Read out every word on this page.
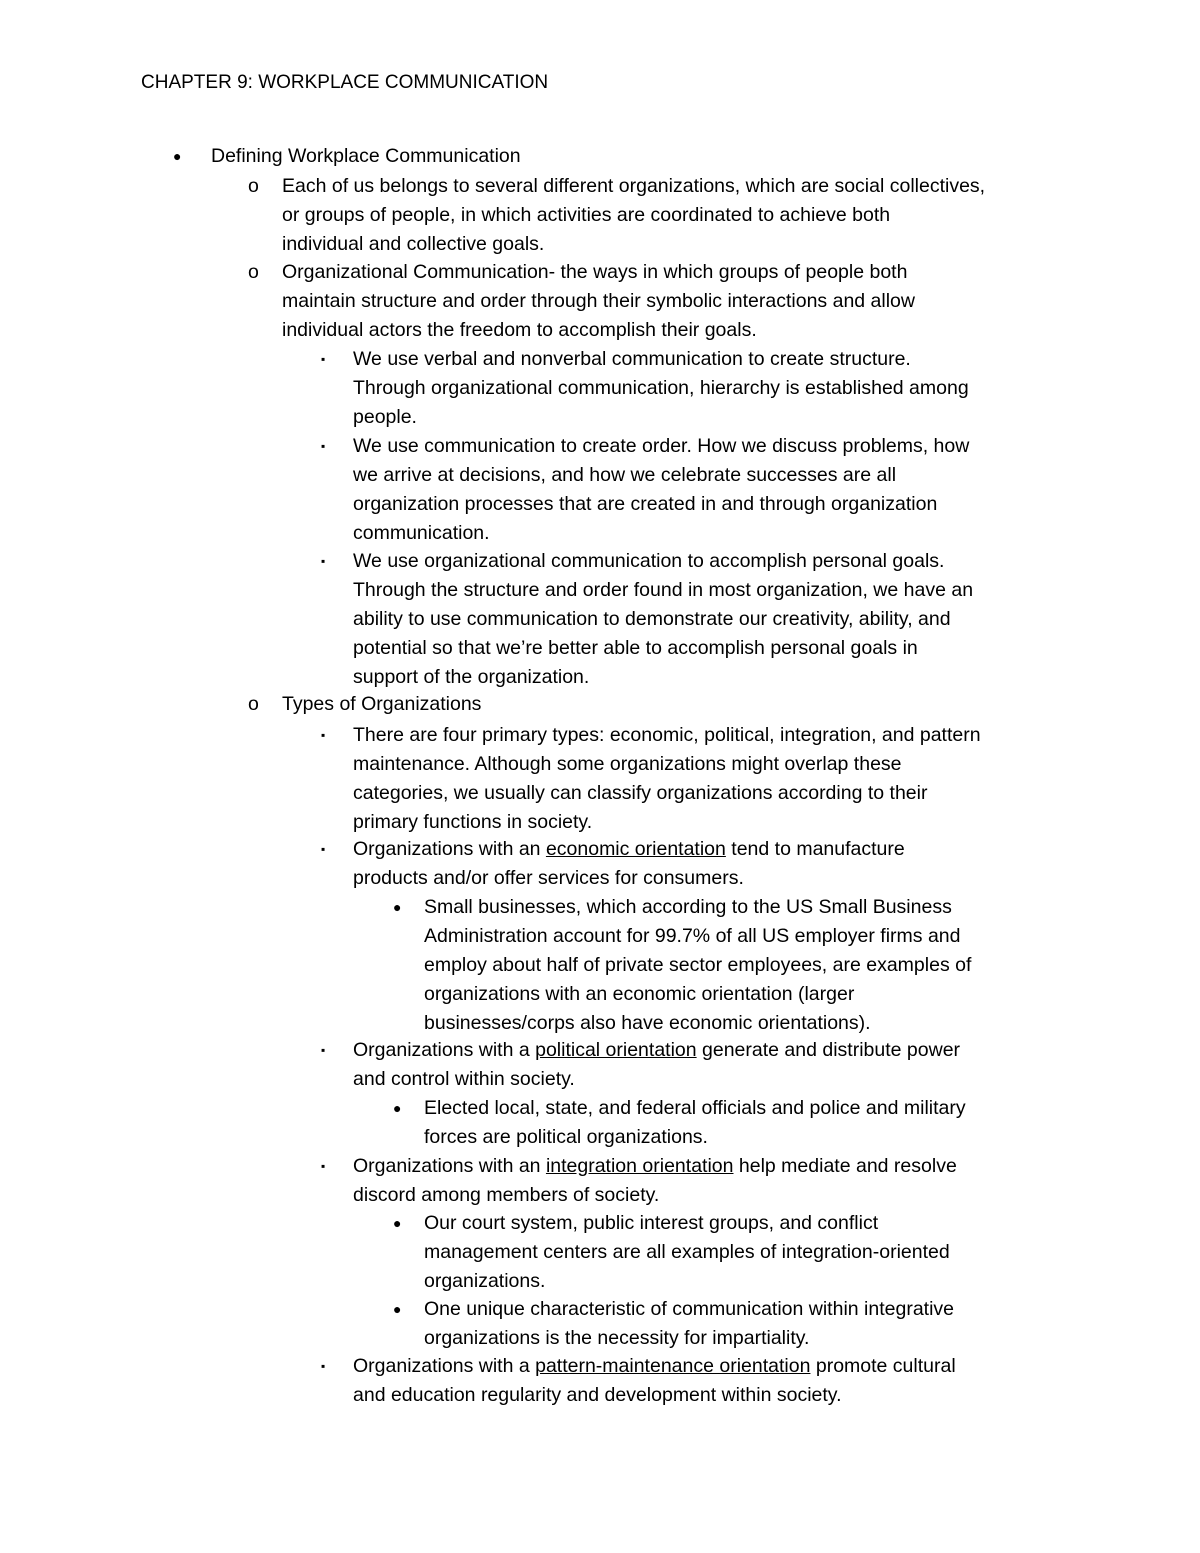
CHAPTER 9: WORKPLACE COMMUNICATION
● Defining Workplace Communication
o Each of us belongs to several different organizations, which are social collectives,
or groups of people, in which activities are coordinated to achieve both
individual and collective goals.
o Organizational Communication- the ways in which groups of people both
maintain structure and order through their symbolic interactions and allow
individual actors the freedom to accomplish their goals.
▪ We use verbal and nonverbal communication to create structure.
Through organizational communication, hierarchy is established among
people.
▪ We use communication to create order. How we discuss problems, how
we arrive at decisions, and how we celebrate successes are all
organization processes that are created in and through organization
communication.
▪ We use organizational communication to accomplish personal goals.
Through the structure and order found in most organization, we have an
ability to use communication to demonstrate our creativity, ability, and
potential so that we’re better able to accomplish personal goals in
support of the organization.
o Types of Organizations
▪ There are four primary types: economic, political, integration, and pattern
maintenance. Although some organizations might overlap these
categories, we usually can classify organizations according to their
primary functions in society.
▪ Organizations with an economic orientation tend to manufacture
products and/or offer services for consumers.
● Small businesses, which according to the US Small Business
Administration account for 99.7% of all US employer firms and
employ about half of private sector employees, are examples of
organizations with an economic orientation (larger
businesses/corps also have economic orientations).
▪ Organizations with a political orientation generate and distribute power
and control within society.
● Elected local, state, and federal officials and police and military
forces are political organizations.
▪ Organizations with an integration orientation help mediate and resolve
discord among members of society.
● Our court system, public interest groups, and conflict
management centers are all examples of integration-oriented
organizations.
● One unique characteristic of communication within integrative
organizations is the necessity for impartiality.
▪ Organizations with a pattern-maintenance orientation promote cultural
and education regularity and development within society.
